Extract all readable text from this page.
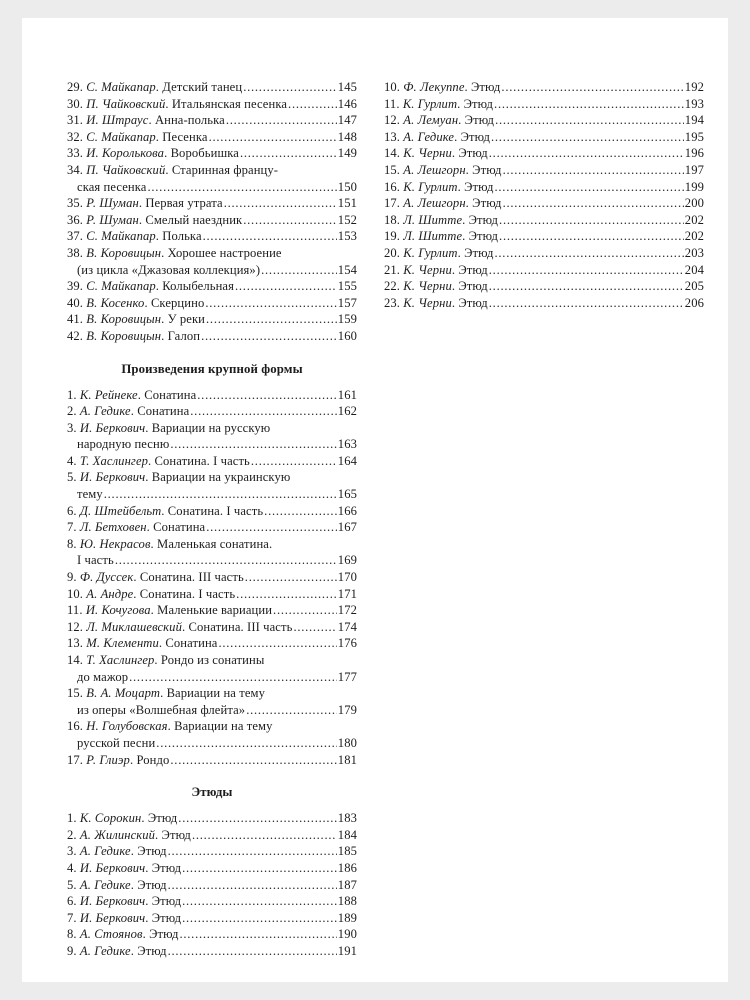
29. С. Майкапар. Детский танец . . .	145
30. П. Чайковский. Итальянская песенка . . .	146
31. И. Штраус. Анна-полька . . .	147
32. С. Майкапар. Песенка . . .	148
33. И. Королькова. Воробьишка . . .	149
34. П. Чайковский. Старинная францу-
ская песенка . . .	150
35. Р. Шуман. Первая утрата . . .	151
36. Р. Шуман. Смелый наездник . . .	152
37. С. Майкапар. Полька . . .	153
38. В. Коровицын. Хорошее настроение
(из цикла «Джазовая коллекция») . . .	154
39. С. Майкапар. Колыбельная . . .	155
40. В. Косенко. Скерцино . . .	157
41. В. Коровицын. У реки . . .	159
42. В. Коровицын. Галоп . . .	160
Произведения крупной формы
1. К. Рейнеке. Сонатина . . .	161
2. А. Гедике. Сонатина . . .	162
3. И. Беркович. Вариации на русскую
народную песню . . .	163
4. Т. Хаслингер. Сонатина. I часть . . .	164
5. И. Беркович. Вариации на украинскую
тему . . .	165
6. Д. Штейбельт. Сонатина. I часть . . .	166
7. Л. Бетховен. Сонатина . . .	167
8. Ю. Некрасов. Маленькая сонатина.
I часть . . .	169
9. Ф. Дуссек. Сонатина. III часть . . .	170
10. А. Андре. Сонатина. I часть . . .	171
11. И. Кочугова. Маленькие вариации . . .	172
12. Л. Миклашевский. Сонатина. III часть . . .	174
13. М. Клементи. Сонатина . . .	176
14. Т. Хаслингер. Рондо из сонатины
до мажор . . .	177
15. В. А. Моцарт. Вариации на тему
из оперы «Волшебная флейта» . . .	179
16. Н. Голубовская. Вариации на тему
русской песни . . .	180
17. Р. Глиэр. Рондо . . .	181
Этюды
1. К. Сорокин. Этюд . . .	183
2. А. Жилинский. Этюд . . .	184
3. А. Гедике. Этюд . . .	185
4. И. Беркович. Этюд . . .	186
5. А. Гедике. Этюд . . .	187
6. И. Беркович. Этюд . . .	188
7. И. Беркович. Этюд . . .	189
8. А. Стоянов. Этюд . . .	190
9. А. Гедике. Этюд . . .	191
10. Ф. Лекуппе. Этюд . . .	192
11. К. Гурлит. Этюд . . .	193
12. А. Лемуан. Этюд . . .	194
13. А. Гедике. Этюд . . .	195
14. К. Черни. Этюд . . .	196
15. А. Лешгорн. Этюд . . .	197
16. К. Гурлит. Этюд . . .	199
17. А. Лешгорн. Этюд . . .	200
18. Л. Шитте. Этюд . . .	202
19. Л. Шитте. Этюд . . .	202
20. К. Гурлит. Этюд . . .	203
21. К. Черни. Этюд . . .	204
22. К. Черни. Этюд . . .	205
23. К. Черни. Этюд . . .	206
